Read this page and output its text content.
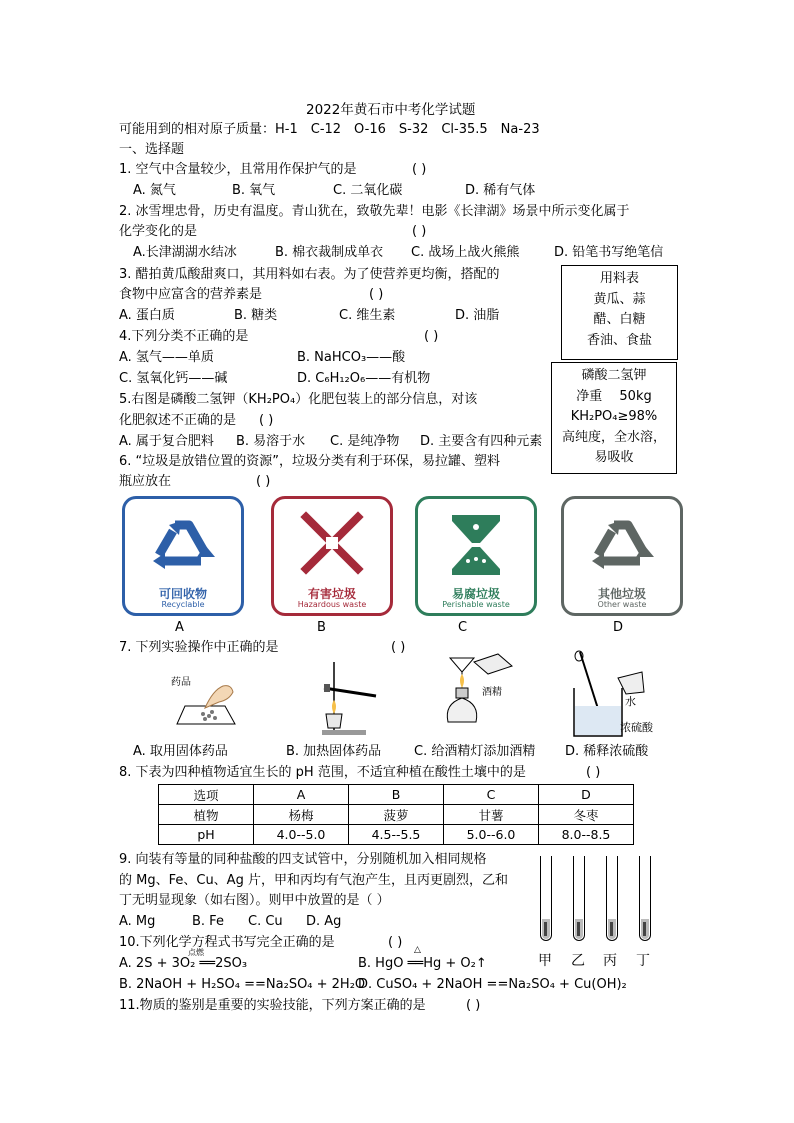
2022年黄石市中考化学试题
可能用到的相对原子质量：H-1　C-12　O-16　S-32　Cl-35.5　Na-23
一、选择题
1. 空气中含量较少，且常用作保护气的是	( )
A. 氮气	B. 氧气	C. 二氧化碳	D. 稀有气体
2. 冰雪埋忠骨，历史有温度。青山犹在，致敬先辈！电影《长津湖》场景中所示变化属于
化学变化的是	( )
A.长津湖湖水结冰	B. 棉衣裁制成单衣 C. 战场上战火熊熊	D. 铅笔书写绝笔信
3. 醋拍黄瓜酸甜爽口，其用料如右表。为了使营养更均衡，搭配的
食物中应富含的营养素是	( )
A. 蛋白质	B. 糖类	C. 维生素	D. 油脂
用料表
黄瓜、蒜
醋、白糖
香油、食盐
4.下列分类不正确的是	( )
A. 氢气——单质	B. NaHCO₃——酸
C. 氢氧化钙——碱	D. C₆H₁₂O₆——有机物	磷酸二氢钾
净重　 50kg
KH₂PO₄≥98%
高纯度，全水溶，
易吸收
5.右图是磷酸二氢钾（KH₂PO₄）化肥包装上的部分信息，对该
化肥叙述不正确的是 ( )
A. 属于复合肥料 B. 易溶于水 C. 是纯净物 D. 主要含有四种元素
6. “垃圾是放错位置的资源”，垃圾分类有利于环保，易拉罐、塑料
瓶应放在	( )
可回收物
Recyclable
有害垃圾
Hazardous waste
易腐垃圾
Perishable waste
其他垃圾
Other waste
A	B	C	D
7. 下列实验操作中正确的是	( )
药品
酒精
水
浓硫酸
A. 取用固体药品	B. 加热固体药品	C. 给酒精灯添加酒精 D. 稀释浓硫酸
8. 下表为四种植物适宜生长的 pH 范围，不适宜种植在酸性土壤中的是	( )
选项	A	B	C	D
植物	杨梅	菠萝	甘薯	冬枣
pH	4.0--5.0	4.5--5.5	5.0--6.0	8.0--8.5
9. 向装有等量的同种盐酸的四支试管中，分别随机加入相同规格
的 Mg、Fe、Cu、Ag 片，甲和丙均有气泡产生，且丙更剧烈，乙和
丁无明显现象（如右图）。则甲中放置的是（ ）
A. Mg	B. Fe C. Cu D. Ag
甲 乙 丙 丁
10.下列化学方程式书写完全正确的是	( )
点燃	△
A. 2S + 3O₂ ══2SO₃	B. HgO ══Hg + O₂↑
B. 2NaOH + H₂SO₄ ==Na₂SO₄ + 2H₂O
D. CuSO₄ + 2NaOH ==Na₂SO₄ + Cu(OH)₂
11.物质的鉴别是重要的实验技能，下列方案正确的是	( )
